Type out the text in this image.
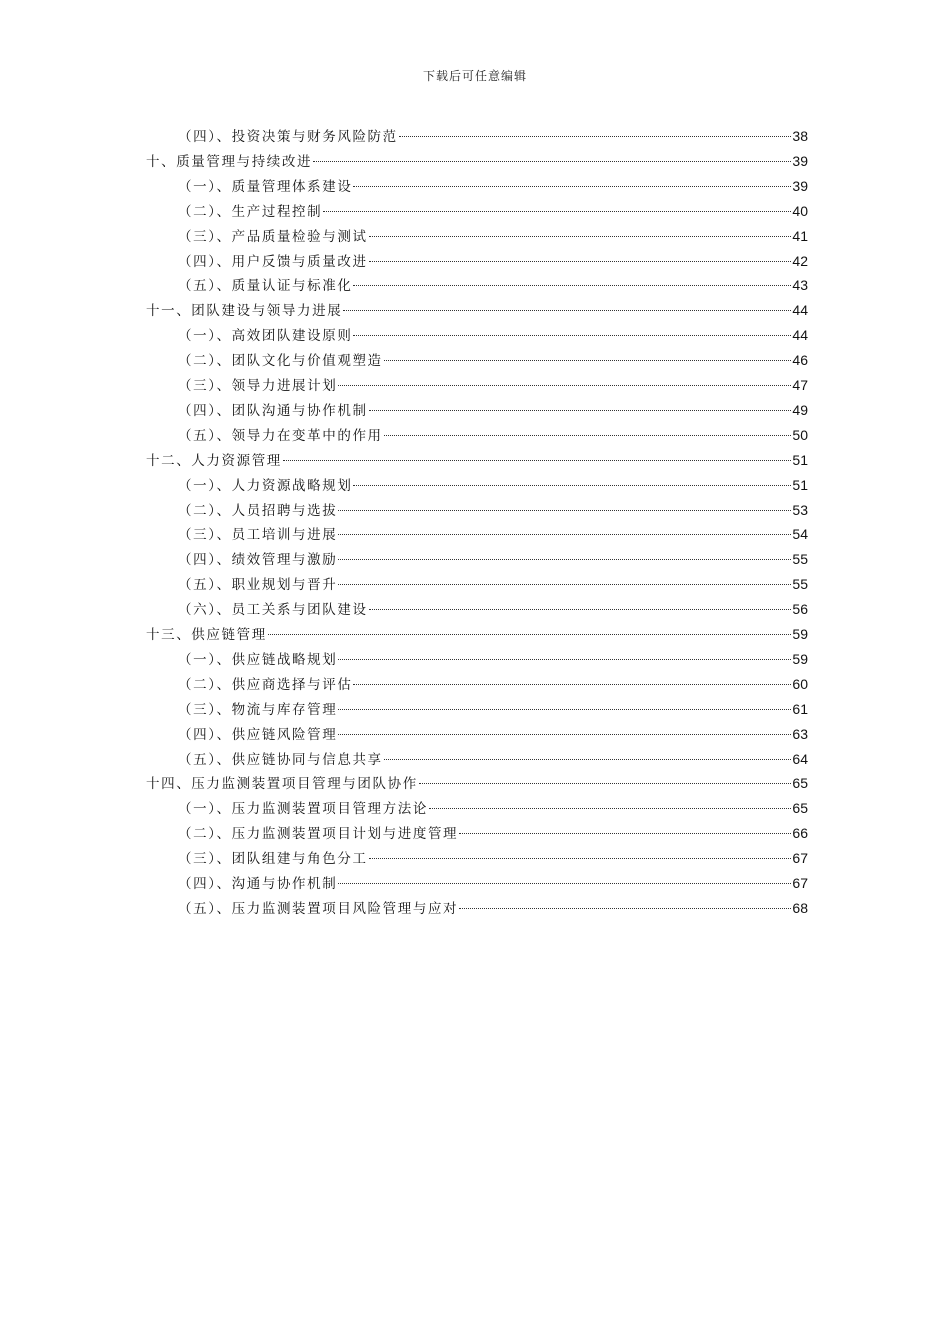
下载后可任意编辑
（四）、投资决策与财务风险防范	38
十、质量管理与持续改进	39
（一）、质量管理体系建设	39
（二）、生产过程控制	40
（三）、产品质量检验与测试	41
（四）、用户反馈与质量改进	42
（五）、质量认证与标准化	43
十一、团队建设与领导力进展	44
（一）、高效团队建设原则	44
（二）、团队文化与价值观塑造	46
（三）、领导力进展计划	47
（四）、团队沟通与协作机制	49
（五）、领导力在变革中的作用	50
十二、人力资源管理	51
（一）、人力资源战略规划	51
（二）、人员招聘与选拔	53
（三）、员工培训与进展	54
（四）、绩效管理与激励	55
（五）、职业规划与晋升	55
（六）、员工关系与团队建设	56
十三、供应链管理	59
（一）、供应链战略规划	59
（二）、供应商选择与评估	60
（三）、物流与库存管理	61
（四）、供应链风险管理	63
（五）、供应链协同与信息共享	64
十四、压力监测装置项目管理与团队协作	65
（一）、压力监测装置项目管理方法论	65
（二）、压力监测装置项目计划与进度管理	66
（三）、团队组建与角色分工	67
（四）、沟通与协作机制	67
（五）、压力监测装置项目风险管理与应对	68
